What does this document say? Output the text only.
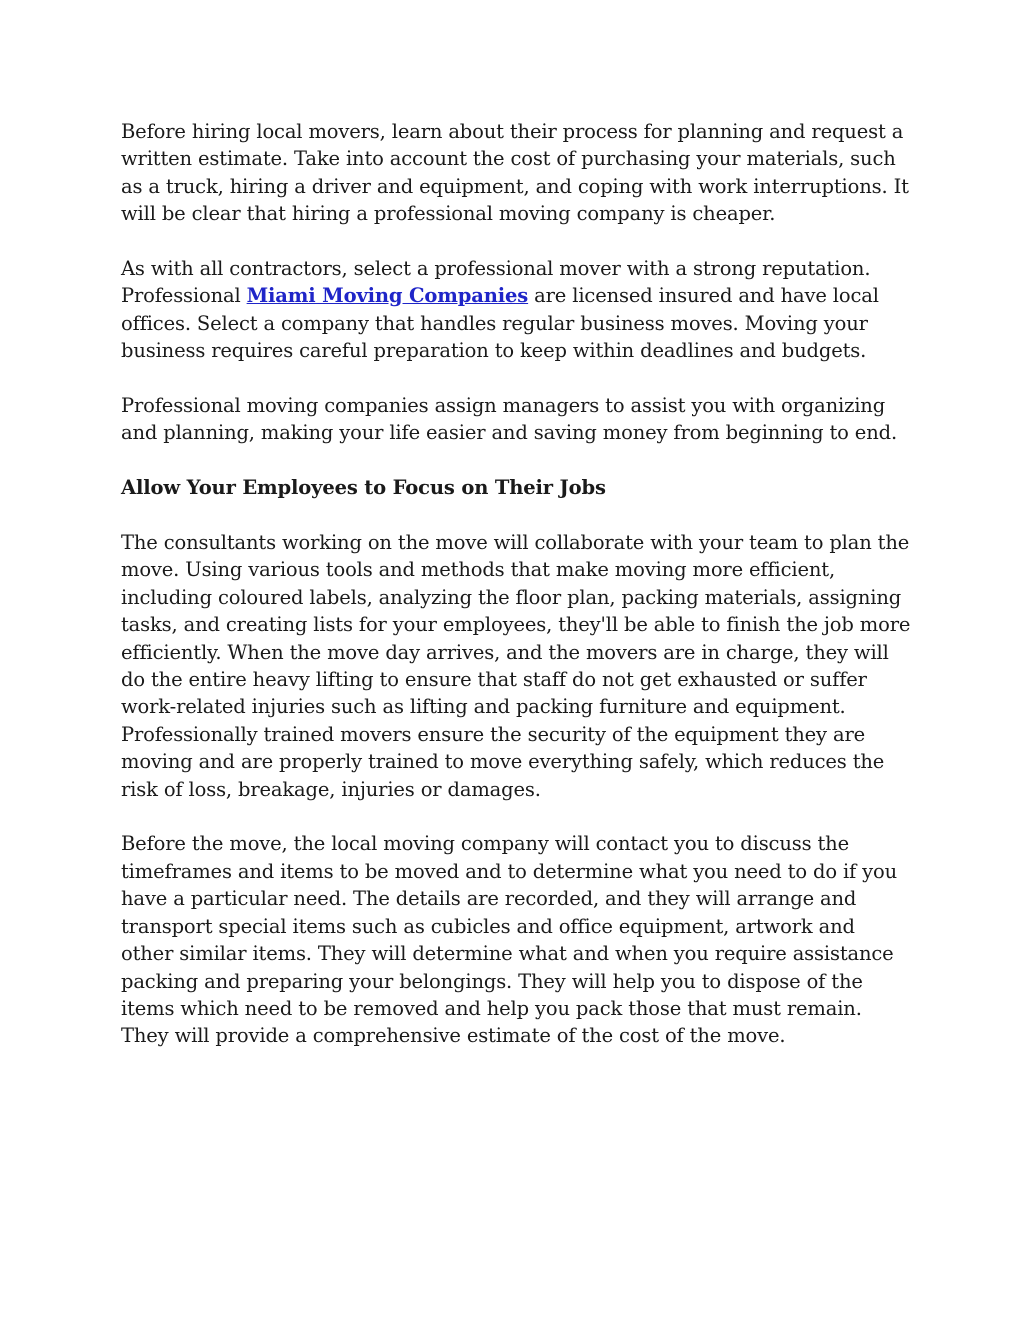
Before hiring local movers, learn about their process for planning and request a written estimate. Take into account the cost of purchasing your materials, such as a truck, hiring a driver and equipment, and coping with work interruptions. It will be clear that hiring a professional moving company is cheaper.

As with all contractors, select a professional mover with a strong reputation. Professional Miami Moving Companies are licensed insured and have local offices. Select a company that handles regular business moves. Moving your business requires careful preparation to keep within deadlines and budgets.

Professional moving companies assign managers to assist you with organizing and planning, making your life easier and saving money from beginning to end.

Allow Your Employees to Focus on Their Jobs

The consultants working on the move will collaborate with your team to plan the move. Using various tools and methods that make moving more efficient, including coloured labels, analyzing the floor plan, packing materials, assigning tasks, and creating lists for your employees, they'll be able to finish the job more efficiently. When the move day arrives, and the movers are in charge, they will do the entire heavy lifting to ensure that staff do not get exhausted or suffer work-related injuries such as lifting and packing furniture and equipment. Professionally trained movers ensure the security of the equipment they are moving and are properly trained to move everything safely, which reduces the risk of loss, breakage, injuries or damages.

Before the move, the local moving company will contact you to discuss the timeframes and items to be moved and to determine what you need to do if you have a particular need. The details are recorded, and they will arrange and transport special items such as cubicles and office equipment, artwork and other similar items. They will determine what and when you require assistance packing and preparing your belongings. They will help you to dispose of the items which need to be removed and help you pack those that must remain. They will provide a comprehensive estimate of the cost of the move.
